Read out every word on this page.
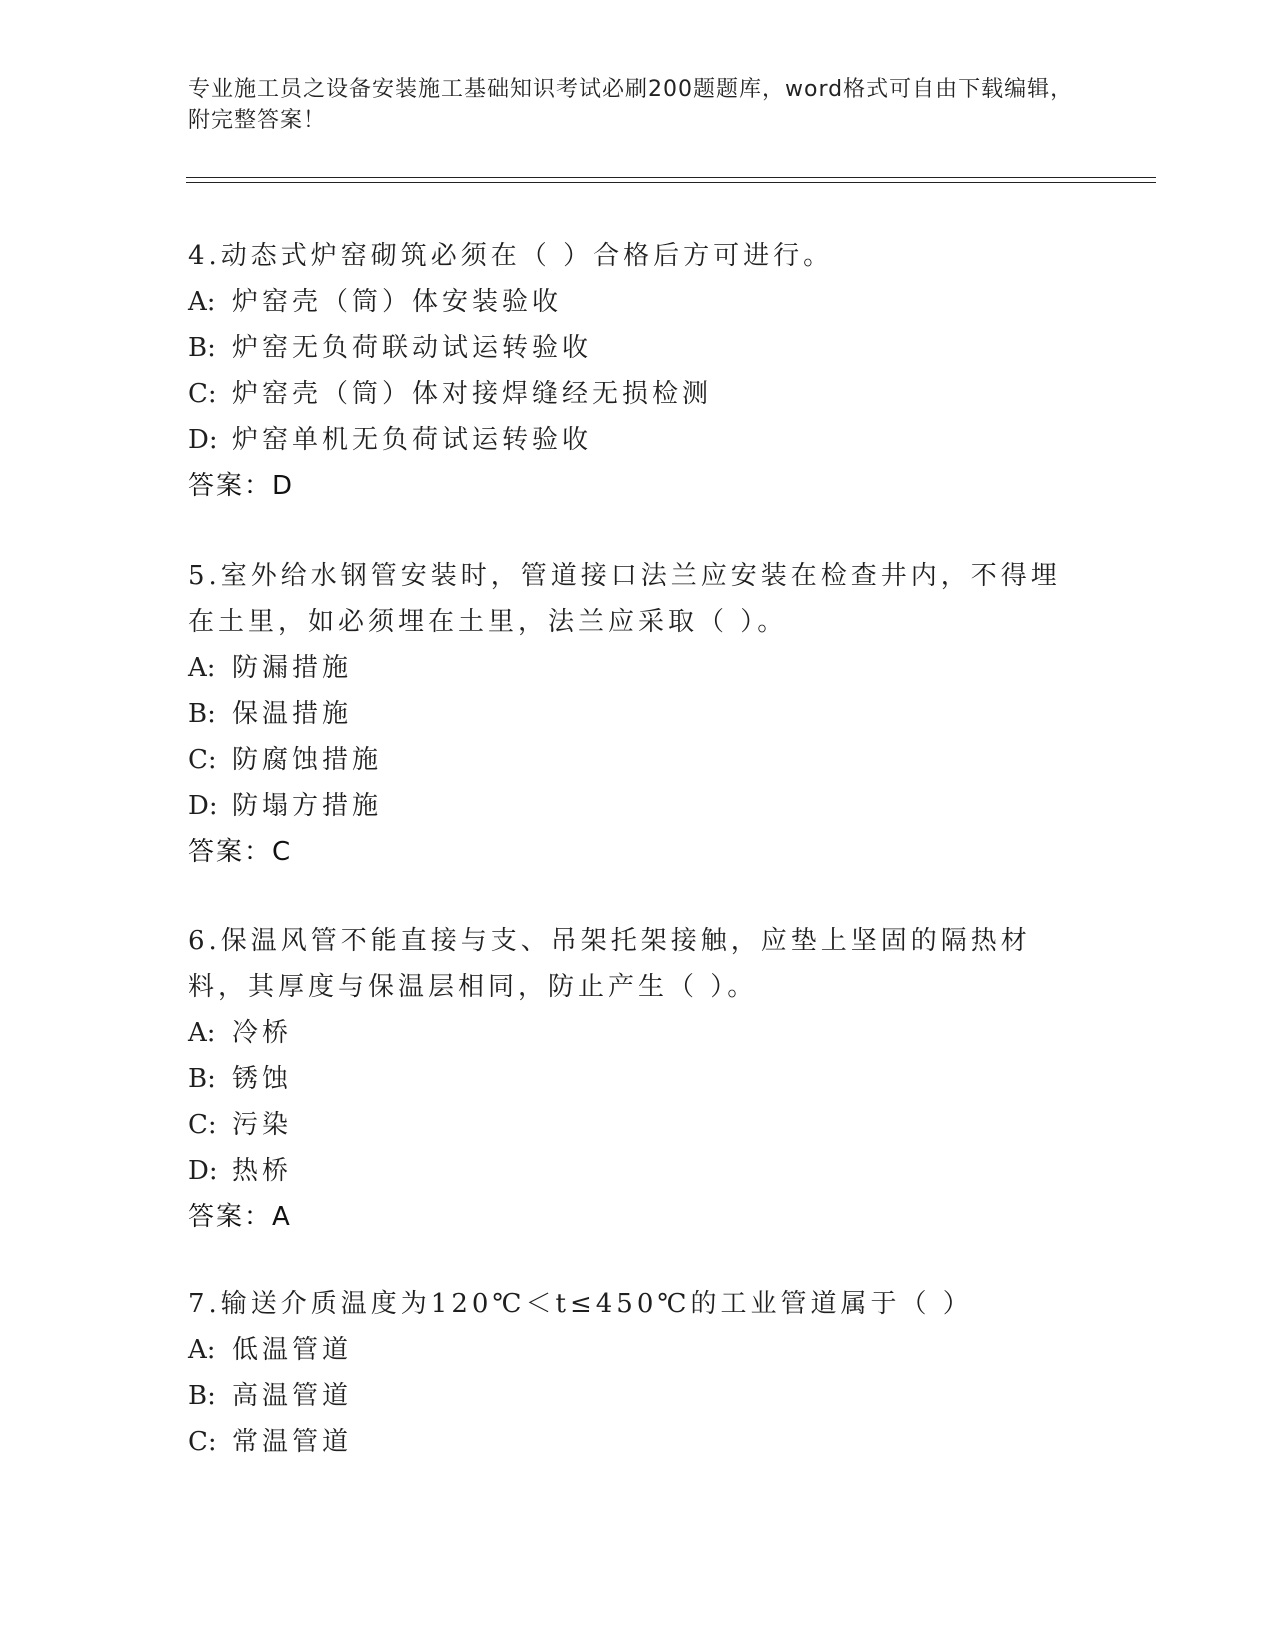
专业施工员之设备安装施工基础知识考试必刷200题题库，word格式可自由下载编辑，附完整答案！

4.动态式炉窑砌筑必须在（ ）合格后方可进行。

A: 炉窑壳（筒）体安装验收

B: 炉窑无负荷联动试运转验收

C: 炉窑壳（筒）体对接焊缝经无损检测

D: 炉窑单机无负荷试运转验收

答案：D

5.室外给水钢管安装时，管道接口法兰应安装在检查井内，不得埋在土里，如必须埋在土里，法兰应采取（ ）。

A: 防漏措施

B: 保温措施

C: 防腐蚀措施

D: 防塌方措施

答案：C

6.保温风管不能直接与支、吊架托架接触，应垫上坚固的隔热材料，其厚度与保温层相同，防止产生（ ）。

A: 冷桥

B: 锈蚀

C: 污染

D: 热桥

答案：A

7.输送介质温度为120℃＜t≤450℃的工业管道属于（ ）

A: 低温管道

B: 高温管道

C: 常温管道
